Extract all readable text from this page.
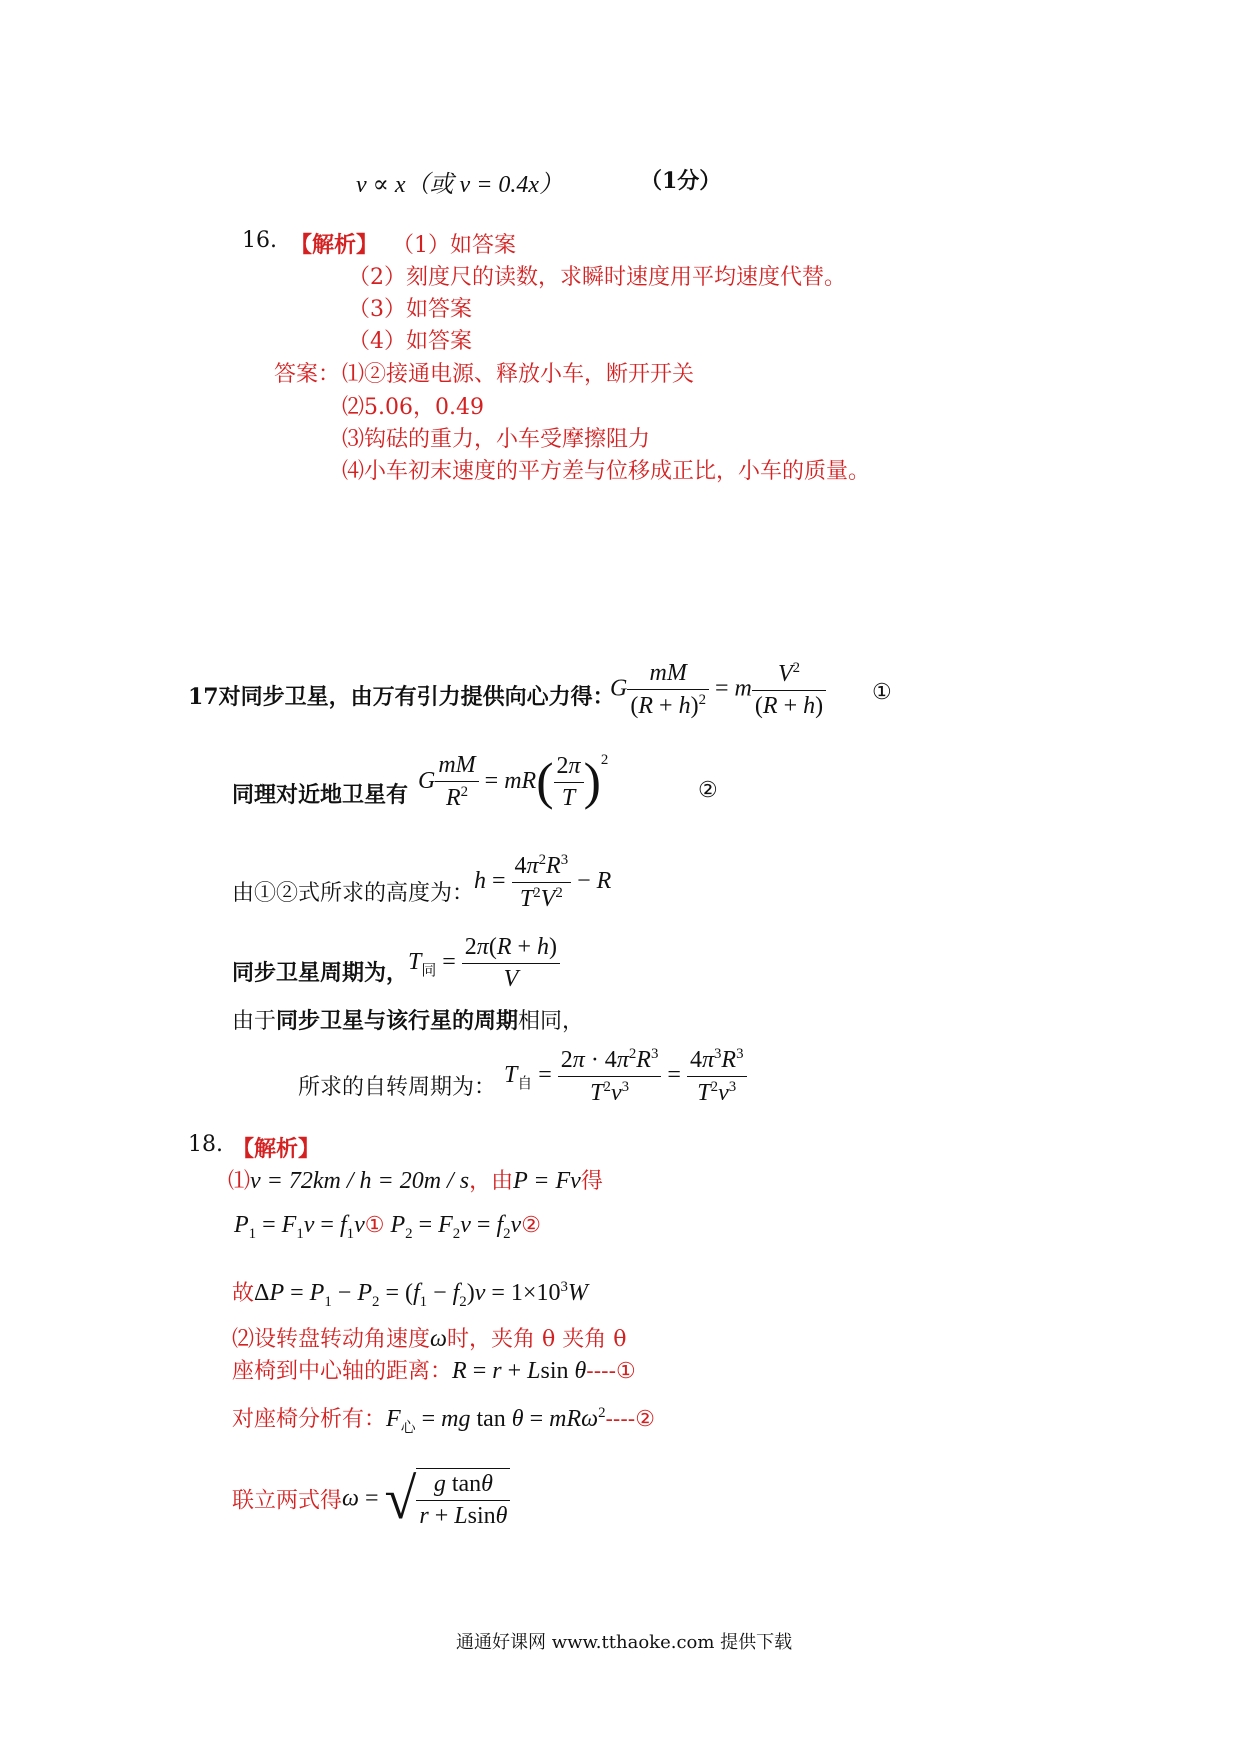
v ∝ x（或 v = 0.4x）	（1分）
16. 【解析】 （1）如答案
（2）刻度尺的读数，求瞬时速度用平均速度代替。
（3）如答案
（4）如答案
答案： ⑴②接通电源、释放小车，断开开关
⑵5.06，0.49
⑶钩砝的重力，小车受摩擦阻力
⑷小车初末速度的平方差与位移成正比，小车的质量。
17对同步卫星，由万有引力提供向心力得：
G $\frac{mM}{(R + h)^2} = m \frac{V^2}{(R + h)}$ ①
同理对近地卫星有
G $\frac{mM}{R^2} = mR( \frac{2\pi}{T} )^2$
②
由①②式所求的高度为： $h = \frac{4\pi^2R^3}{T^2V^2} - R$
同步卫星周期为， $T_同 = \frac{2\pi(R + h)}{V}$
由于同步卫星与该行星的周期相同，
所求的自转周期为： $T_自 = \frac{2\pi \cdot 4\pi^2R^3}{T^2v^3} = \frac{4\pi^3R^3}{T^2v^3}$
18. 【解析】
⑴v = 72km / h = 20m / s，由P = Fv得
$P_1 = F_1v$ = $f_1v①$ $P_2 = F_2v$ = $f_2v②$
故$\Delta P = P_1 - P_2 = (f_1 - f_2)v = 1\times 10^3W$
⑵设转盘转动角速度ω时，夹角 θ 夹角 θ
座椅到中心轴的距离：R = r + Lsin θ----①
对座椅分析有：$F_心$ = mg tan θ = mRω$^2$----②
联立两式得ω = √ $\frac{\text{g tanθ}}{r + Lsin\theta}$
通通好课网 www.tthaoke.com 提供下载
